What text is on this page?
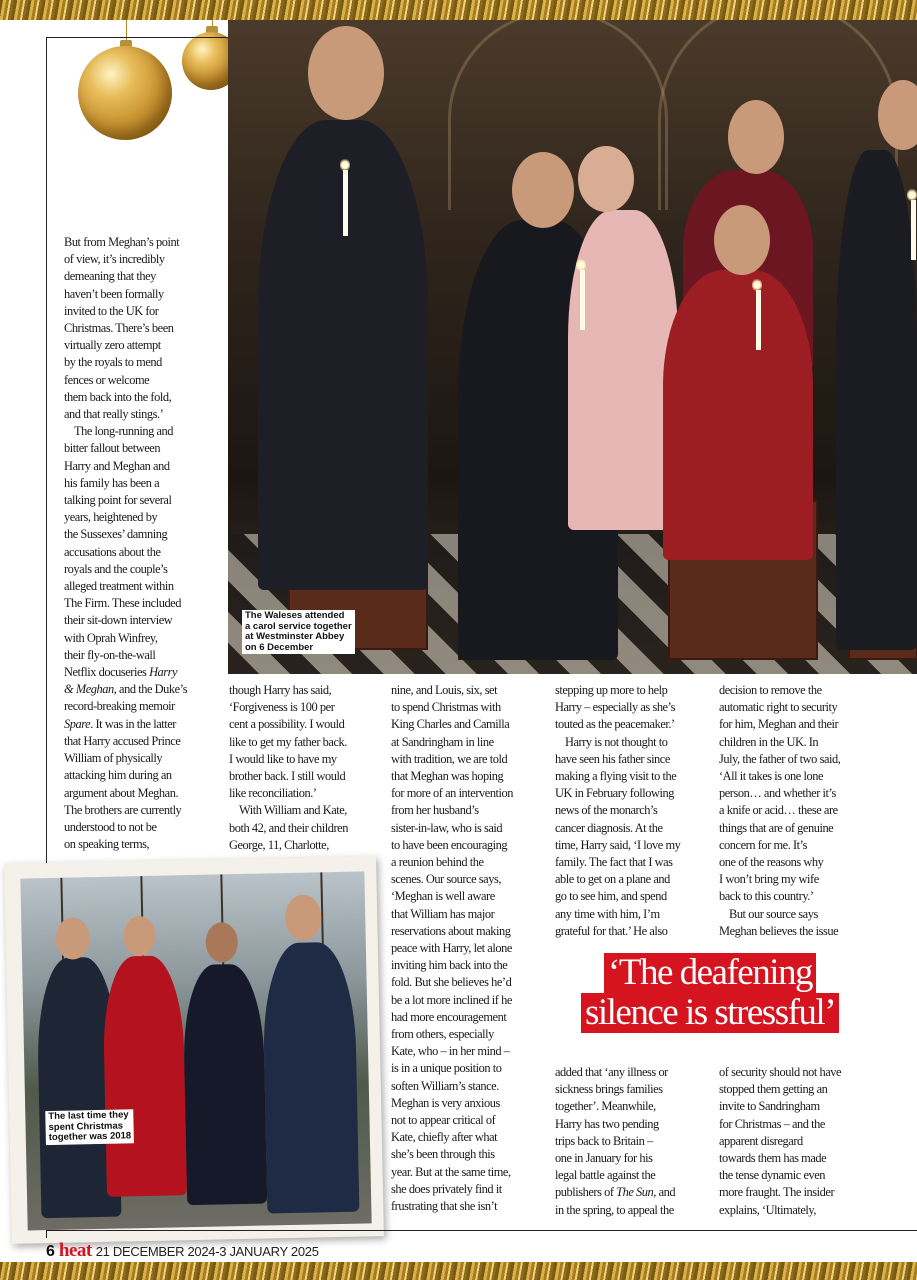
The Waleses attended
a carol service together
at Westminster Abbey
on 6 December

But from Meghan’s point

of view, it’s incredibly

demeaning that they

haven’t been formally

invited to the UK for

Christmas. There’s been

virtually zero attempt

by the royals to mend

fences or welcome

them back into the fold,

and that really stings.’

The long-running and

bitter fallout between

Harry and Meghan and

his family has been a

talking point for several

years, heightened by

the Sussexes’ damning

accusations about the

royals and the couple’s

alleged treatment within

The Firm. These included

their sit-down interview

with Oprah Winfrey,

their fly-on-the-wall

Netflix docuseries Harry

& Meghan, and the Duke’s

record-breaking memoir

Spare. It was in the latter

that Harry accused Prince

William of physically

attacking him during an

argument about Meghan.

The brothers are currently

understood to not be

on speaking terms,

though Harry has said,

‘Forgiveness is 100 per

cent a possibility. I would

like to get my father back.

I would like to have my

brother back. I still would

like reconciliation.’

With William and Kate,

both 42, and their children

George, 11, Charlotte,

The last time they
spent Christmas
together was 2018

nine, and Louis, six, set

to spend Christmas with

King Charles and Camilla

at Sandringham in line

with tradition, we are told

that Meghan was hoping

for more of an intervention

from her husband’s

sister-in-law, who is said

to have been encouraging

a reunion behind the

scenes. Our source says,

‘Meghan is well aware

that William has major

reservations about making

peace with Harry, let alone

inviting him back into the

fold. But she believes he’d

be a lot more inclined if he

had more encouragement

from others, especially

Kate, who – in her mind –

is in a unique position to

soften William’s stance.

Meghan is very anxious

not to appear critical of

Kate, chiefly after what

she’s been through this

year. But at the same time,

she does privately find it

frustrating that she isn’t

stepping up more to help

Harry – especially as she’s

touted as the peacemaker.’

Harry is not thought to

have seen his father since

making a flying visit to the

UK in February following

news of the monarch’s

cancer diagnosis. At the

time, Harry said, ‘I love my

family. The fact that I was

able to get on a plane and

go to see him, and spend

any time with him, I’m

grateful for that.’ He also

decision to remove the

automatic right to security

for him, Meghan and their

children in the UK. In

July, the father of two said,

‘All it takes is one lone

person… and whether it’s

a knife or acid… these are

things that are of genuine

concern for me. It’s

one of the reasons why

I won’t bring my wife

back to this country.’

But our source says

Meghan believes the issue

‘The deafening
silence is stressful’

added that ‘any illness or

sickness brings families

together’. Meanwhile,

Harry has two pending

trips back to Britain –

one in January for his

legal battle against the

publishers of The Sun, and

in the spring, to appeal the

of security should not have

stopped them getting an

invite to Sandringham

for Christmas – and the

apparent disregard

towards them has made

the tense dynamic even

more fraught. The insider

explains, ‘Ultimately,

6 heat 21 DECEMBER 2024-3 JANUARY 2025
